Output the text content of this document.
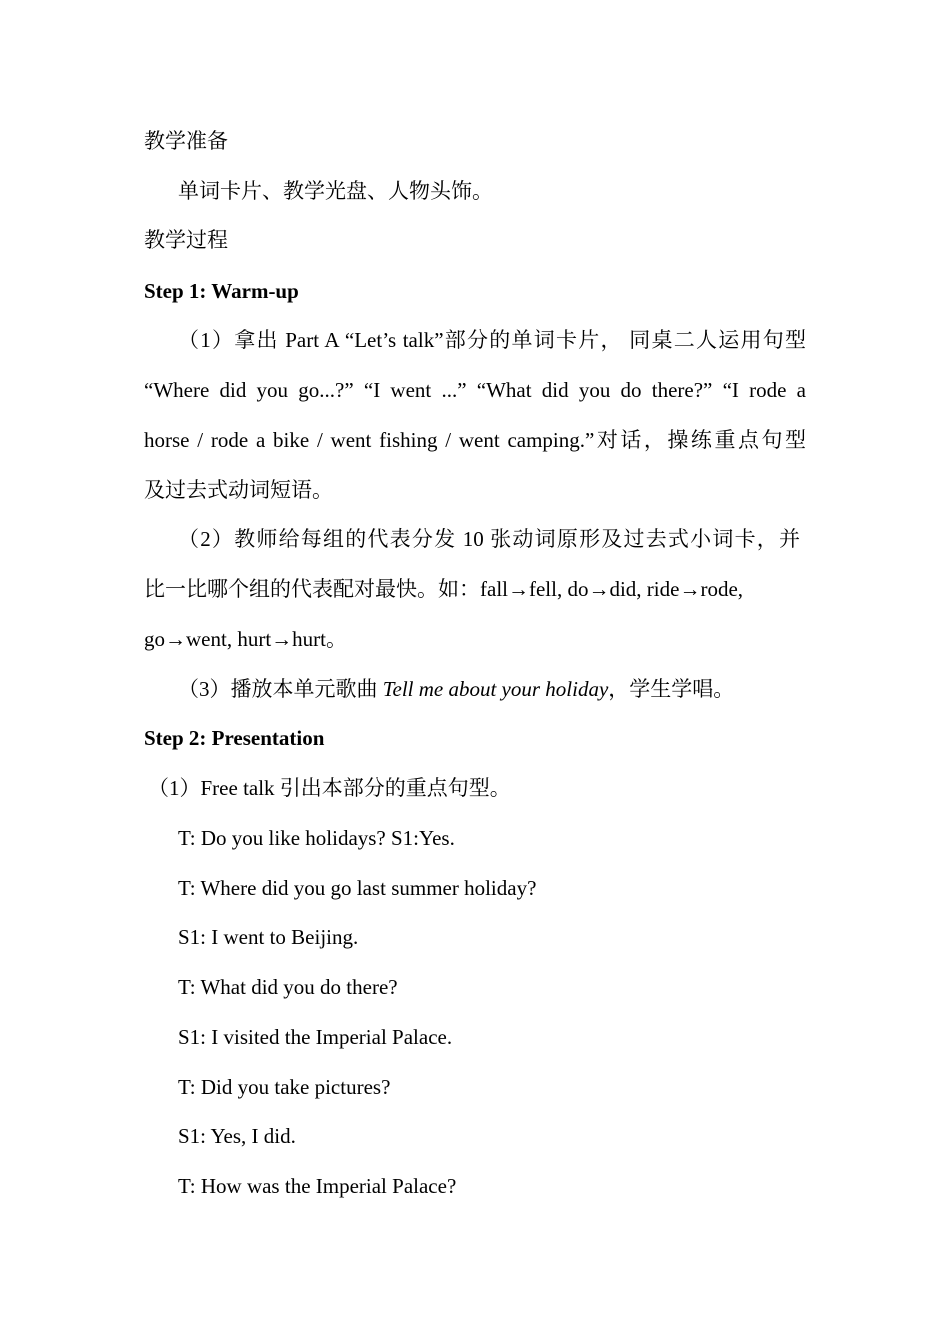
教学准备
单词卡片、教学光盘、人物头饰。
教学过程
Step 1: Warm-up
（1）拿出 Part A “Let’s talk”部分的单词卡片， 同桌二人运用句型
“Where did you go...?” “I went ...” “What did you do there?” “I rode a
horse / rode a bike / went fishing / went camping.”对话，操练重点句型
及过去式动词短语。
（2）教师给每组的代表分发 10 张动词原形及过去式小词卡，并
比一比哪个组的代表配对最快。如：fall→fell, do→did, ride→rode,
go→went, hurt→hurt。
（3）播放本单元歌曲 Tell me about your holiday，学生学唱。
Step 2: Presentation
（1）Free talk 引出本部分的重点句型。
T: Do you like holidays? S1:Yes.
T: Where did you go last summer holiday?
S1: I went to Beijing.
T: What did you do there?
S1: I visited the Imperial Palace.
T: Did you take pictures?
S1: Yes, I did.
T: How was the Imperial Palace?
